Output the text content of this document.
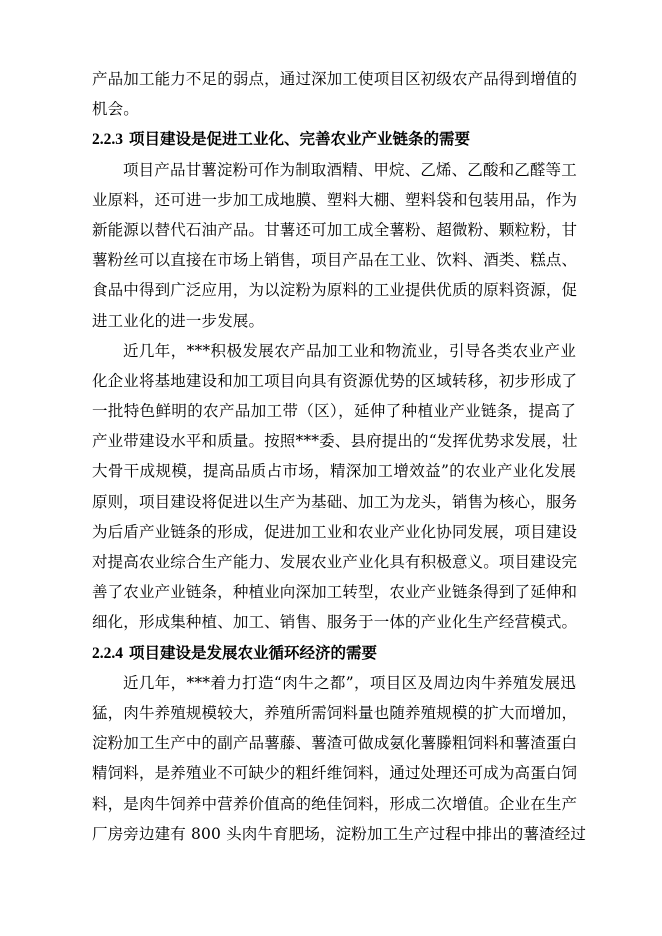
产品加工能力不足的弱点，通过深加工使项目区初级农产品得到增值的
机会。
2.2.3 项目建设是促进工业化、完善农业产业链条的需要
项目产品甘薯淀粉可作为制取酒精、甲烷、乙烯、乙酸和乙醛等工
业原料，还可进一步加工成地膜、塑料大棚、塑料袋和包装用品，作为
新能源以替代石油产品。甘薯还可加工成全薯粉、超微粉、颗粒粉，甘
薯粉丝可以直接在市场上销售，项目产品在工业、饮料、酒类、糕点、
食品中得到广泛应用，为以淀粉为原料的工业提供优质的原料资源，促
进工业化的进一步发展。
近几年，***积极发展农产品加工业和物流业，引导各类农业产业
化企业将基地建设和加工项目向具有资源优势的区域转移，初步形成了
一批特色鲜明的农产品加工带（区），延伸了种植业产业链条，提高了
产业带建设水平和质量。按照***委、县府提出的“发挥优势求发展，壮
大骨干成规模，提高品质占市场，精深加工增效益”的农业产业化发展
原则，项目建设将促进以生产为基础、加工为龙头，销售为核心，服务
为后盾产业链条的形成，促进加工业和农业产业化协同发展，项目建设
对提高农业综合生产能力、发展农业产业化具有积极意义。项目建设完
善了农业产业链条，种植业向深加工转型，农业产业链条得到了延伸和
细化，形成集种植、加工、销售、服务于一体的产业化生产经营模式。
2.2.4 项目建设是发展农业循环经济的需要
近几年，***着力打造“肉牛之都”，项目区及周边肉牛养殖发展迅
猛，肉牛养殖规模较大，养殖所需饲料量也随养殖规模的扩大而增加，
淀粉加工生产中的副产品薯藤、薯渣可做成氨化薯滕粗饲料和薯渣蛋白
精饲料，是养殖业不可缺少的粗纤维饲料，通过处理还可成为高蛋白饲
料，是肉牛饲养中营养价值高的绝佳饲料，形成二次增值。企业在生产
厂房旁边建有 800 头肉牛育肥场，淀粉加工生产过程中排出的薯渣经过
